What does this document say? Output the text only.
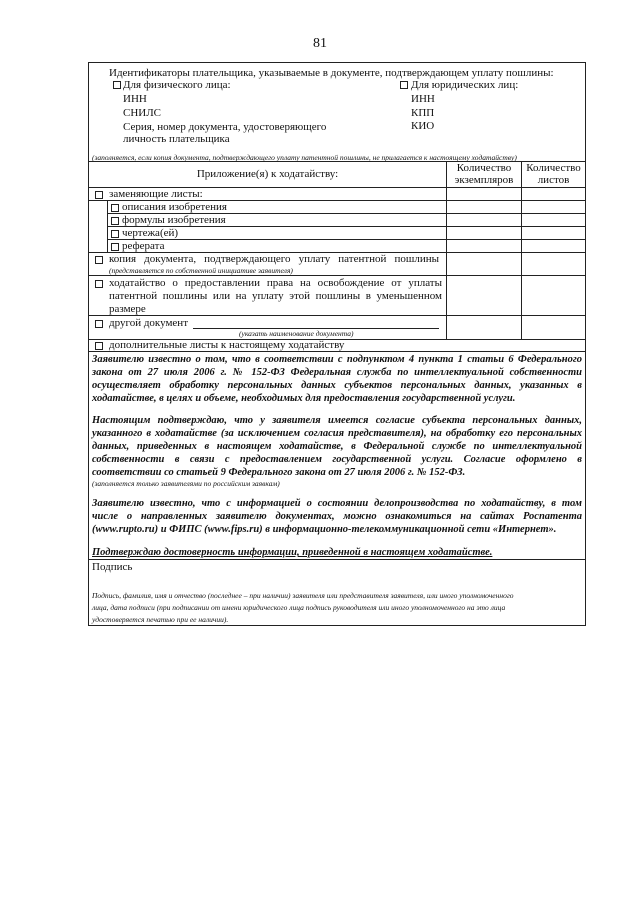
81
Идентификаторы плательщика, указываемые в документе, подтверждающем уплату пошлины:
Для физического лица:	Для юридических лиц:
ИНН
СНИЛС
Серия, номер документа, удостоверяющего
личность плательщика
ИНН
КПП
КИО
(заполняется, если копия документа, подтверждающего уплату патентной пошлины, не прилагается к настоящему ходатайству)
Приложение(я) к ходатайству:	Количество
экземпляров
Количество
листов
заменяющие листы:
описания изобретения
формулы изобретения
чертежа(ей)
реферата
копия документа, подтверждающего уплату патентной пошлины
(представляется по собственной инициативе заявителя)
ходатайство о предоставлении права на освобождение от уплаты
патентной пошлины или на уплату этой пошлины в уменьшенном
размере
другой документ
(указать наименование документа)
дополнительные листы к настоящему ходатайству
Заявителю известно о том, что в соответствии с подпунктом 4 пункта 1 статьи 6 Федерального
закона от 27 июля 2006 г. № 152-ФЗ Федеральная служба по интеллектуальной собственности
осуществляет обработку персональных данных субъектов персональных данных, указанных в
ходатайстве, в целях и объеме, необходимых для предоставления государственной услуги.
Настоящим подтверждаю, что у заявителя имеется согласие субъекта персональных данных,
указанного в ходатайстве (за исключением согласия представителя), на обработку его персональных
данных, приведенных в настоящем ходатайстве, в Федеральной службе по интеллектуальной
собственности в связи с предоставлением государственной услуги. Согласие оформлено в
соответствии со статьей 9 Федерального закона от 27 июля 2006 г. № 152-ФЗ.
(заполняется только заявителями по российским заявкам)
Заявителю известно, что с информацией о состоянии делопроизводства по ходатайству, в том
числе о направленных заявителю документах, можно ознакомиться на сайтах Роспатента
(www.rupto.ru) и ФИПС (www.fips.ru) в информационно-телекоммуникационной сети «Интернет».
Подтверждаю достоверность информации, приведенной в настоящем ходатайстве.
Подпись
Подпись, фамилия, имя и отчество (последнее – при наличии) заявителя или представителя заявителя, или иного уполномоченного
лица, дата подписи (при подписании от имени юридического лица подпись руководителя или иного уполномоченного на это лица
удостоверяется печатью при ее наличии).
